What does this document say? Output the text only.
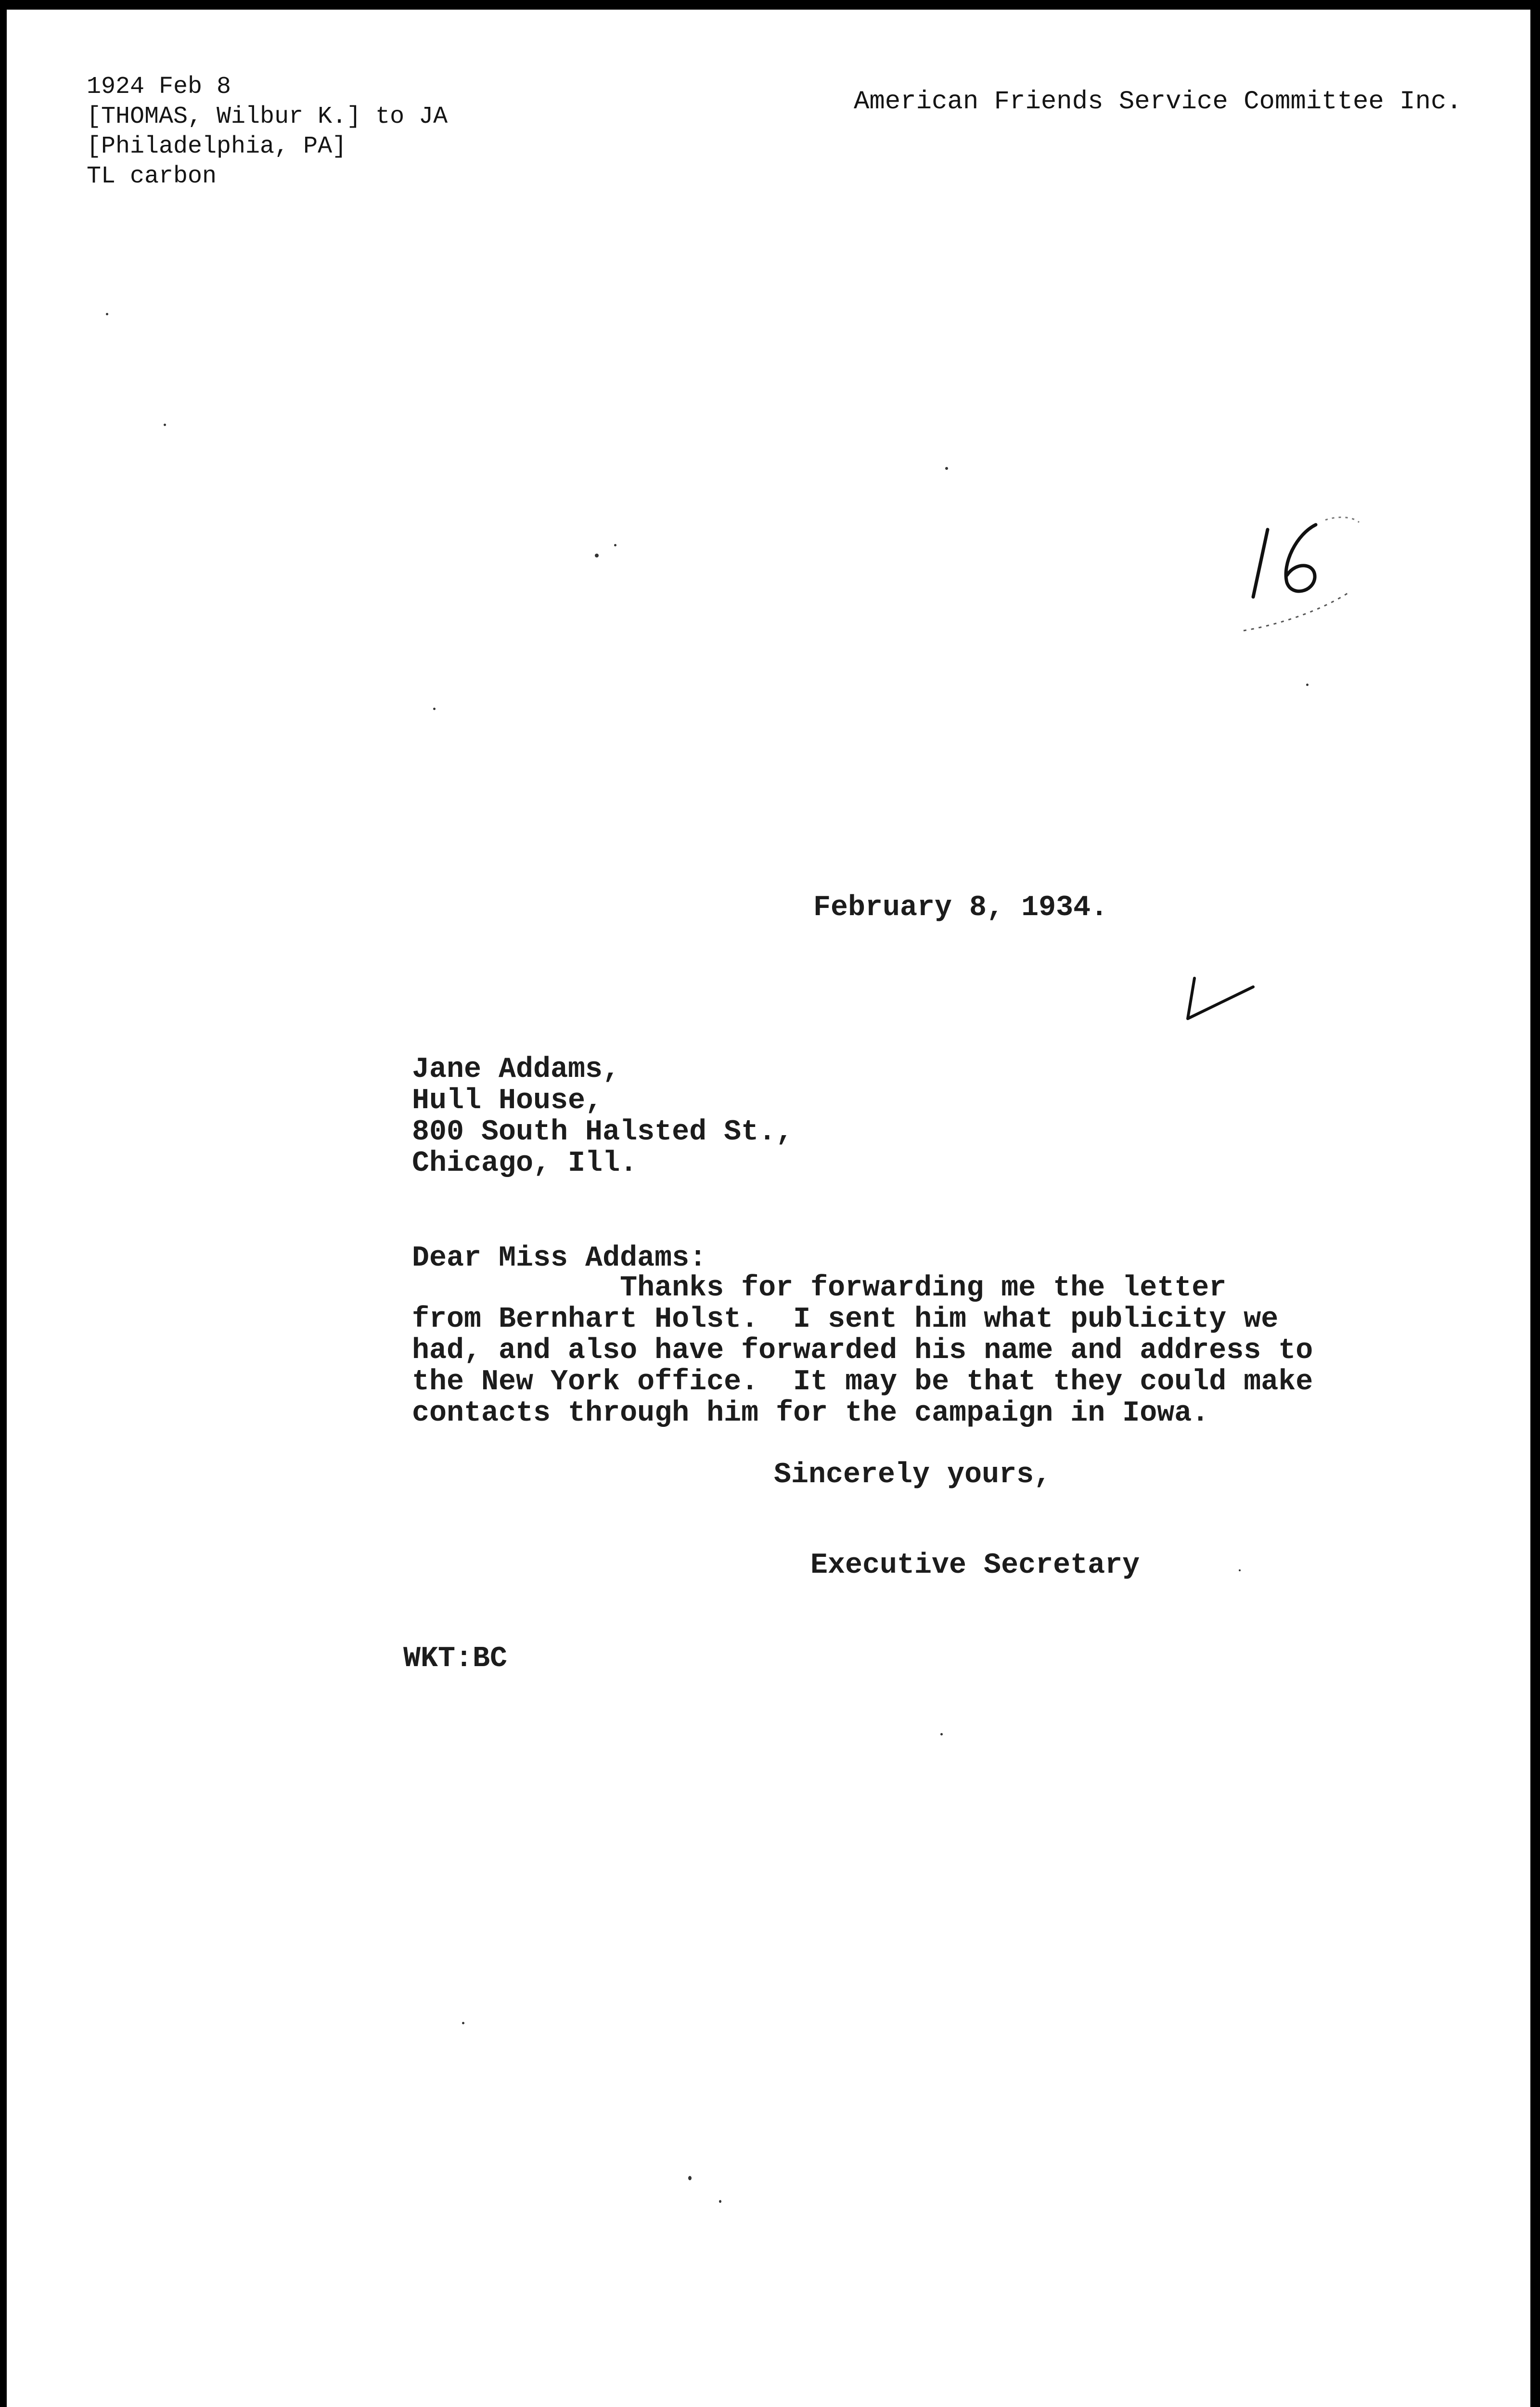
1924 Feb 8
[THOMAS, Wilbur K.] to JA
[Philadelphia, PA]
TL carbon
American Friends Service Committee Inc.
February 8, 1934.
Jane Addams,
Hull House,
800 South Halsted St.,
Chicago, Ill.
Dear Miss Addams:
Thanks for forwarding me the letter
from Bernhart Holst.  I sent him what publicity we
had, and also have forwarded his name and address to
the New York office.  It may be that they could make
contacts through him for the campaign in Iowa.
Sincerely yours,
Executive Secretary
WKT:BC
